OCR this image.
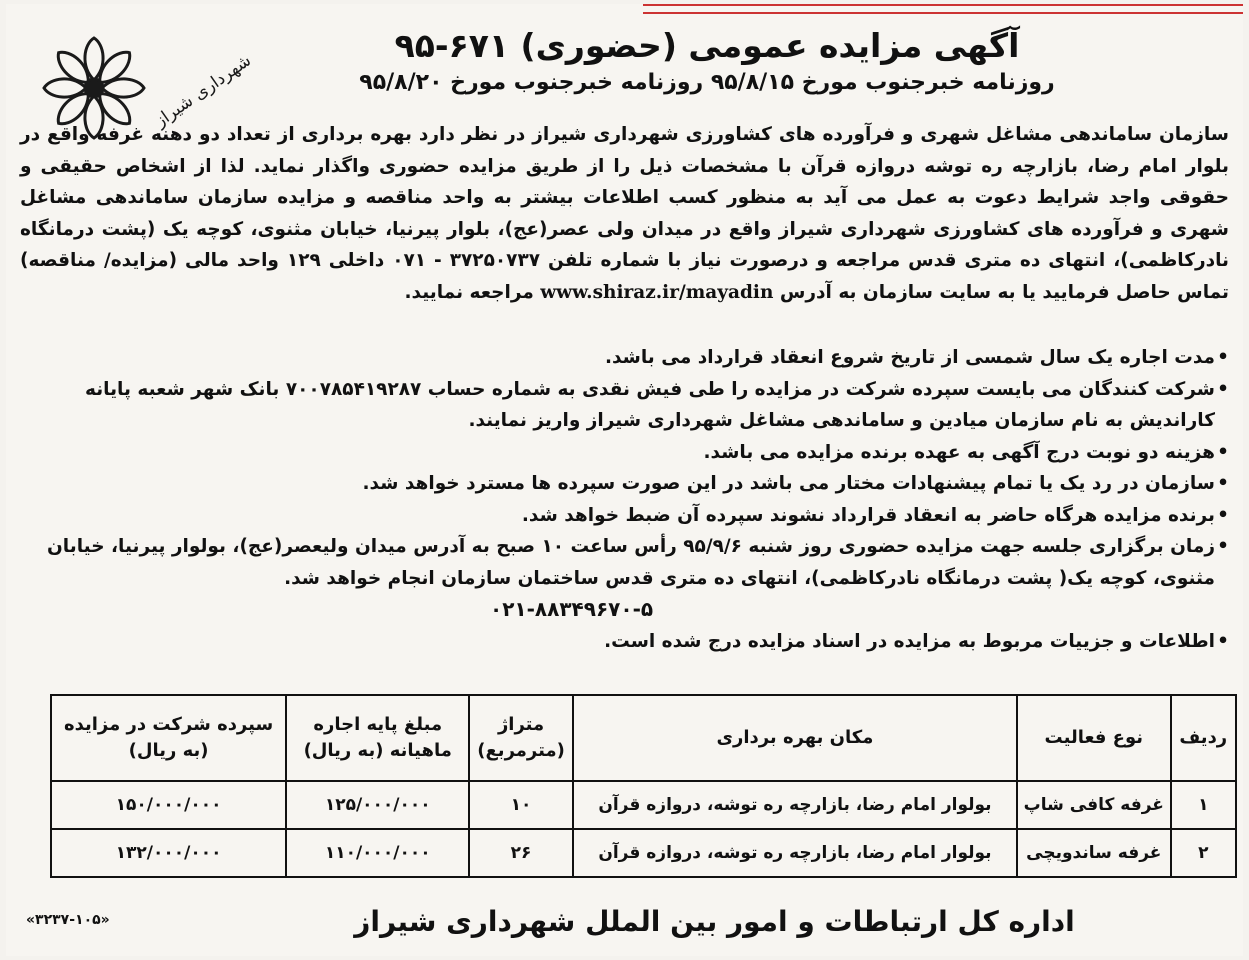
شهرداری شیراز

آگهی مزایده عمومی (حضوری) ۶۷۱-۹۵

روزنامه خبرجنوب مورخ ۹۵/۸/۱۵ روزنامه خبرجنوب مورخ ۹۵/۸/۲۰

سازمان ساماندهی مشاغل شهری و فرآورده های کشاورزی شهرداری شیراز در نظر دارد بهره برداری از تعداد دو دهنه غرفه واقع در بلوار امام رضا، بازارچه ره توشه دروازه قرآن با مشخصات ذیل را از طریق مزایده حضوری واگذار نماید. لذا از اشخاص حقیقی و حقوقی واجد شرایط دعوت به عمل می آید به منظور کسب اطلاعات بیشتر به واحد مناقصه و مزایده سازمان ساماندهی مشاغل شهری و فرآورده های کشاورزی شهرداری شیراز واقع در میدان ولی عصر(عج)، بلوار پیرنیا، خیابان مثنوی، کوچه یک (پشت درمانگاه نادرکاظمی)، انتهای ده متری قدس مراجعه و درصورت نیاز با شماره تلفن ۳۷۲۵۰۷۳۷ - ۰۷۱ داخلی ۱۲۹ واحد مالی (مزایده/ مناقصه) تماس حاصل فرمایید یا به سایت سازمان به آدرس www.shiraz.ir/mayadin مراجعه نمایید.

• مدت اجاره یک سال شمسی از تاریخ شروع انعقاد قرارداد می باشد.
• شرکت کنندگان می بایست سپرده شرکت در مزایده را طی فیش نقدی به شماره حساب ۷۰۰۷۸۵۴۱۹۲۸۷ بانک شهر شعبه پایانه کاراندیش به نام سازمان میادین و ساماندهی مشاغل شهرداری شیراز واریز نمایند.
• هزینه دو نوبت درج آگهی به عهده برنده مزایده می باشد.
• سازمان در رد یک یا تمام پیشنهادات مختار می باشد در این صورت سپرده ها مسترد خواهد شد.
• برنده مزایده هرگاه حاضر به انعقاد قرارداد نشوند سپرده آن ضبط خواهد شد.
• زمان برگزاری جلسه جهت مزایده حضوری روز شنبه ۹۵/۹/۶ رأس ساعت ۱۰ صبح به آدرس میدان ولیعصر(عج)، بولوار پیرنیا، خیابان مثنوی، کوچه یک( پشت درمانگاه نادرکاظمی)، انتهای ده متری قدس ساختمان سازمان انجام خواهد شد.
۰۲۱-۸۸۳۴۹۶۷۰-۵
• اطلاعات و جزییات مربوط به مزایده در اسناد مزایده درج شده است.
ردیف	نوع فعالیت	مکان بهره برداری	متراژ (مترمربع)	مبلغ پایه اجاره ماهیانه (به ریال)	سپرده شرکت در مزایده (به ریال)
۱	غرفه کافی شاپ	بولوار امام رضا، بازارچه ره توشه، دروازه قرآن	۱۰	۱۲۵/۰۰۰/۰۰۰	۱۵۰/۰۰۰/۰۰۰
۲	غرفه ساندویچی	بولوار امام رضا، بازارچه ره توشه، دروازه قرآن	۲۶	۱۱۰/۰۰۰/۰۰۰	۱۳۲/۰۰۰/۰۰۰
اداره کل ارتباطات و امور بین الملل شهرداری شیراز
«۳۲۳۷-۱۰۵»
